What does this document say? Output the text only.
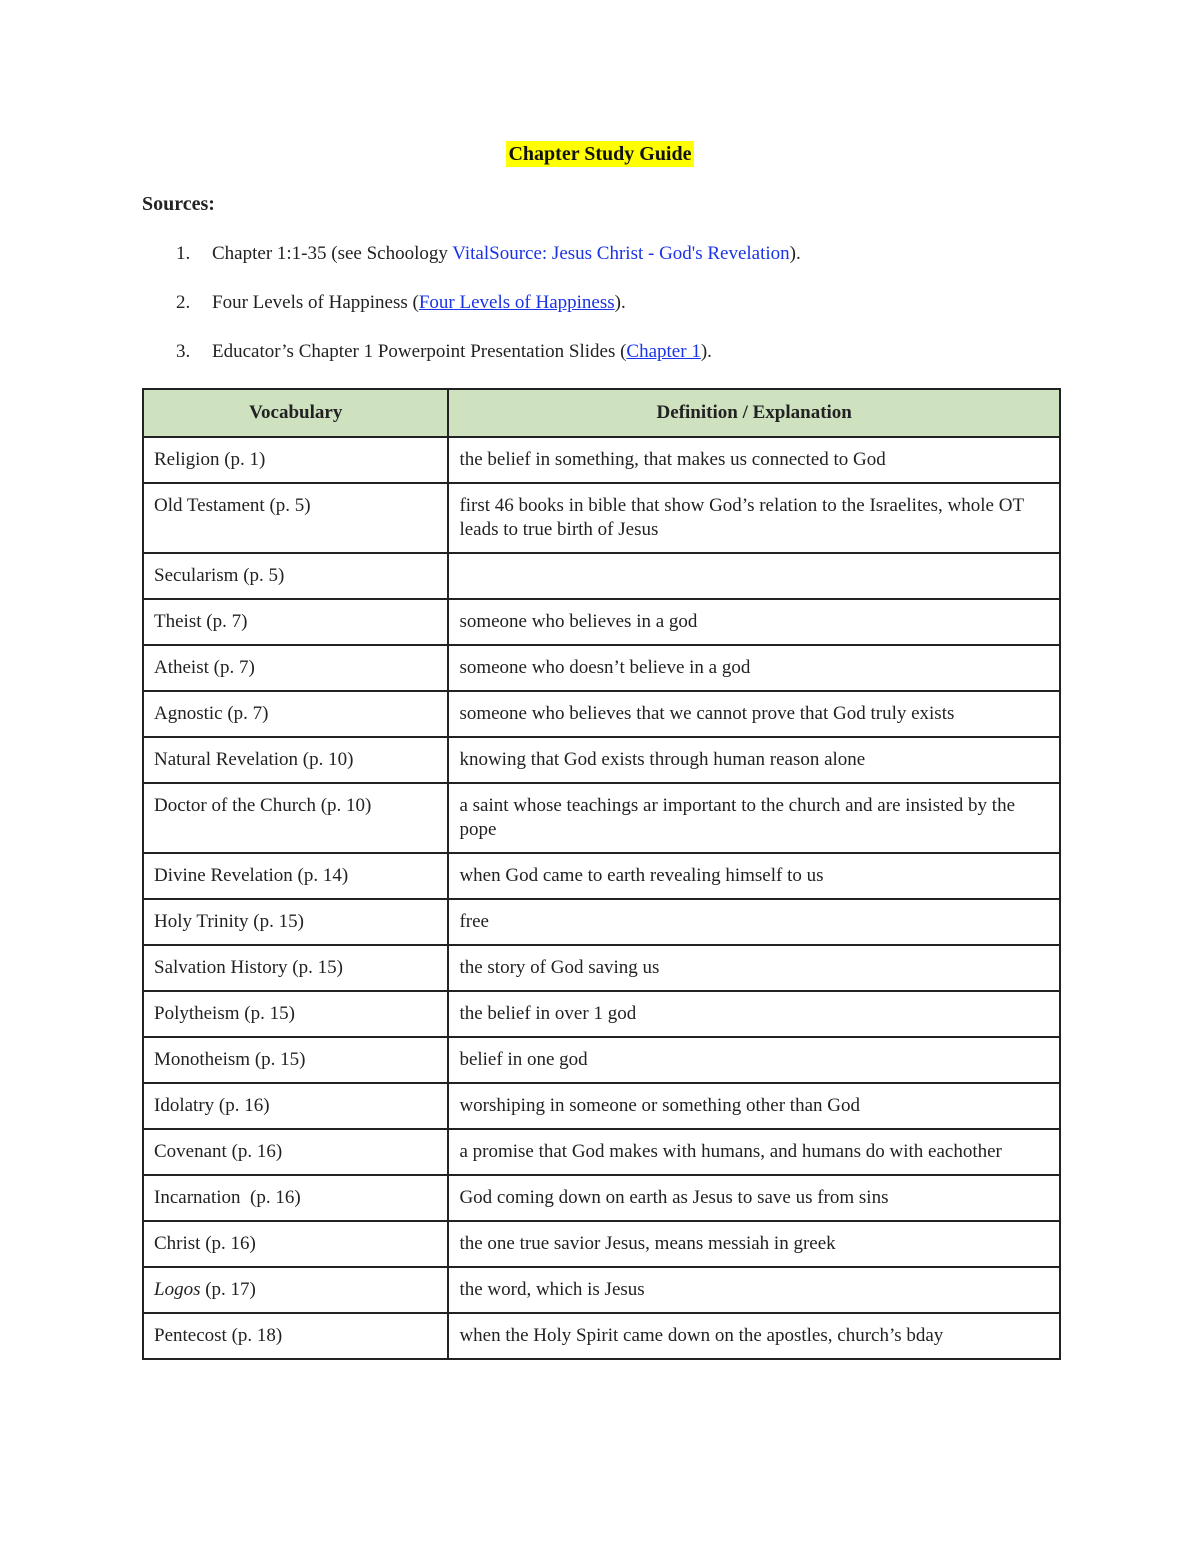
Chapter Study Guide
Sources:
1. Chapter 1:1-35 (see Schoology VitalSource: Jesus Christ - God's Revelation).
2. Four Levels of Happiness (Four Levels of Happiness).
3. Educator’s Chapter 1 Powerpoint Presentation Slides (Chapter 1).
Vocabulary	Definition / Explanation
Religion (p. 1)	the belief in something, that makes us connected to God
Old Testament (p. 5)	first 46 books in bible that show God’s relation to the Israelites, whole OT leads to true birth of Jesus
Secularism (p. 5)	
Theist (p. 7)	someone who believes in a god
Atheist (p. 7)	someone who doesn’t believe in a god
Agnostic (p. 7)	someone who believes that we cannot prove that God truly exists
Natural Revelation (p. 10)	knowing that God exists through human reason alone
Doctor of the Church (p. 10)	a saint whose teachings ar important to the church and are insisted by the pope
Divine Revelation (p. 14)	when God came to earth revealing himself to us
Holy Trinity (p. 15)	free
Salvation History (p. 15)	the story of God saving us
Polytheism (p. 15)	the belief in over 1 god
Monotheism (p. 15)	belief in one god
Idolatry (p. 16)	worshiping in someone or something other than God
Covenant (p. 16)	a promise that God makes with humans, and humans do with eachother
Incarnation  (p. 16)	God coming down on earth as Jesus to save us from sins
Christ (p. 16)	the one true savior Jesus, means messiah in greek
Logos (p. 17)	the word, which is Jesus
Pentecost (p. 18)	when the Holy Spirit came down on the apostles, church’s bday
